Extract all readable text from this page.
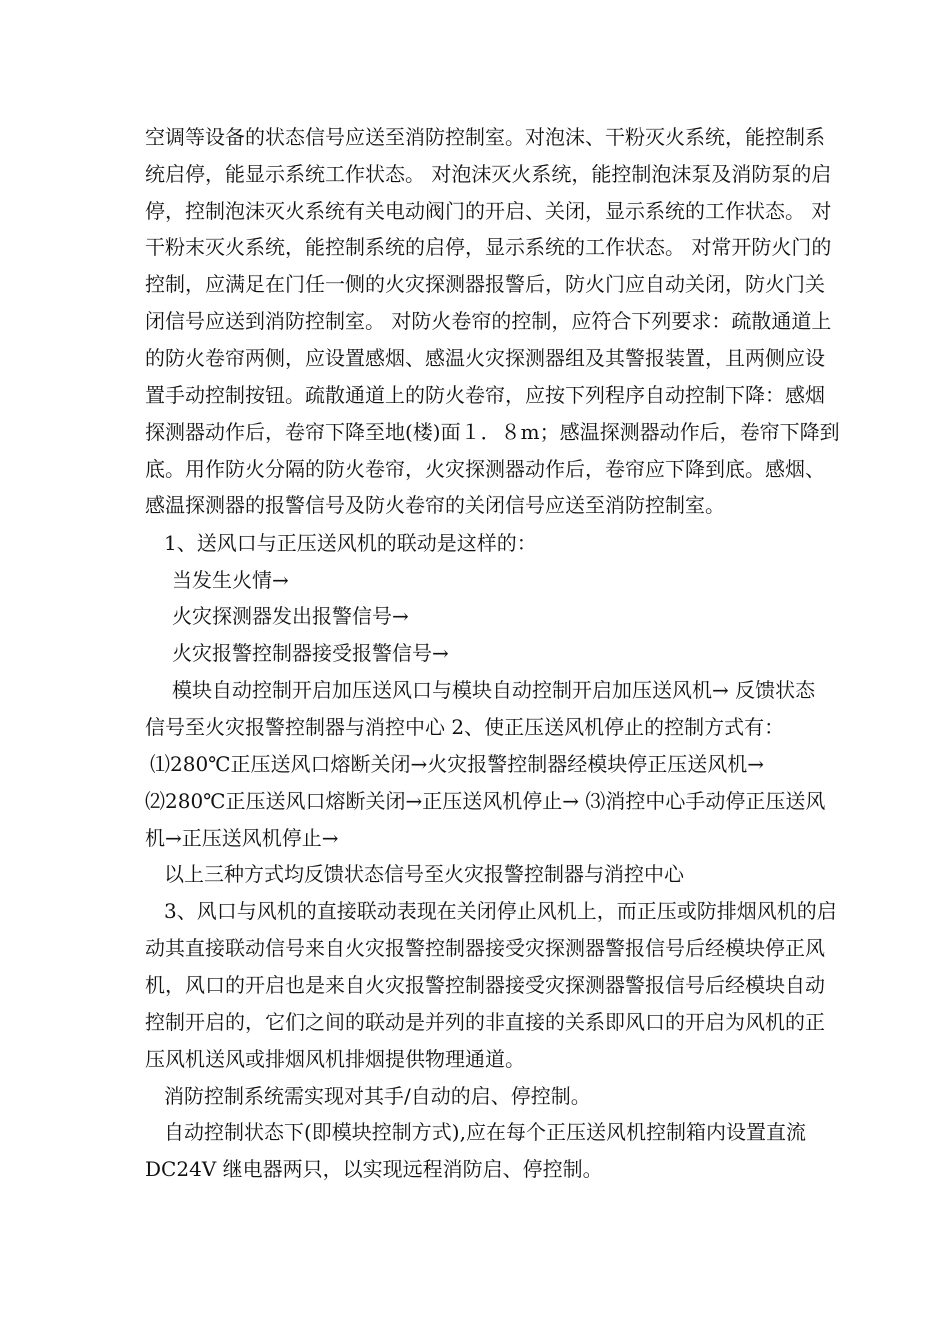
空调等设备的状态信号应送至消防控制室。对泡沫、干粉灭火系统，能控制系
统启停，能显示系统工作状态。 对泡沫灭火系统，能控制泡沫泵及消防泵的启
停，控制泡沫灭火系统有关电动阀门的开启、关闭，显示系统的工作状态。 对
干粉末灭火系统，能控制系统的启停，显示系统的工作状态。 对常开防火门的
控制，应满足在门任一侧的火灾探测器报警后，防火门应自动关闭，防火门关
闭信号应送到消防控制室。 对防火卷帘的控制，应符合下列要求：疏散通道上
的防火卷帘两侧，应设置感烟、感温火灾探测器组及其警报装置，且两侧应设
置手动控制按钮。疏散通道上的防火卷帘，应按下列程序自动控制下降：感烟
探测器动作后，卷帘下降至地(楼)面１．８m；感温探测器动作后，卷帘下降到
底。用作防火分隔的防火卷帘，火灾探测器动作后，卷帘应下降到底。感烟、
感温探测器的报警信号及防火卷帘的关闭信号应送至消防控制室。
1、送风口与正压送风机的联动是这样的：
当发生火情→
火灾探测器发出报警信号→
火灾报警控制器接受报警信号→
模块自动控制开启加压送风口与模块自动控制开启加压送风机→ 反馈状态
信号至火灾报警控制器与消控中心 2、使正压送风机停止的控制方式有：
⑴280℃正压送风口熔断关闭→火灾报警控制器经模块停正压送风机→
⑵280℃正压送风口熔断关闭→正压送风机停止→ ⑶消控中心手动停正压送风
机→正压送风机停止→
以上三种方式均反馈状态信号至火灾报警控制器与消控中心
3、风口与风机的直接联动表现在关闭停止风机上，而正压或防排烟风机的启
动其直接联动信号来自火灾报警控制器接受灾探测器警报信号后经模块停正风
机，风口的开启也是来自火灾报警控制器接受灾探测器警报信号后经模块自动
控制开启的，它们之间的联动是并列的非直接的关系即风口的开启为风机的正
压风机送风或排烟风机排烟提供物理通道。
消防控制系统需实现对其手/自动的启、停控制。
自动控制状态下(即模块控制方式),应在每个正压送风机控制箱内设置直流
DC24V 继电器两只，以实现远程消防启、停控制。
